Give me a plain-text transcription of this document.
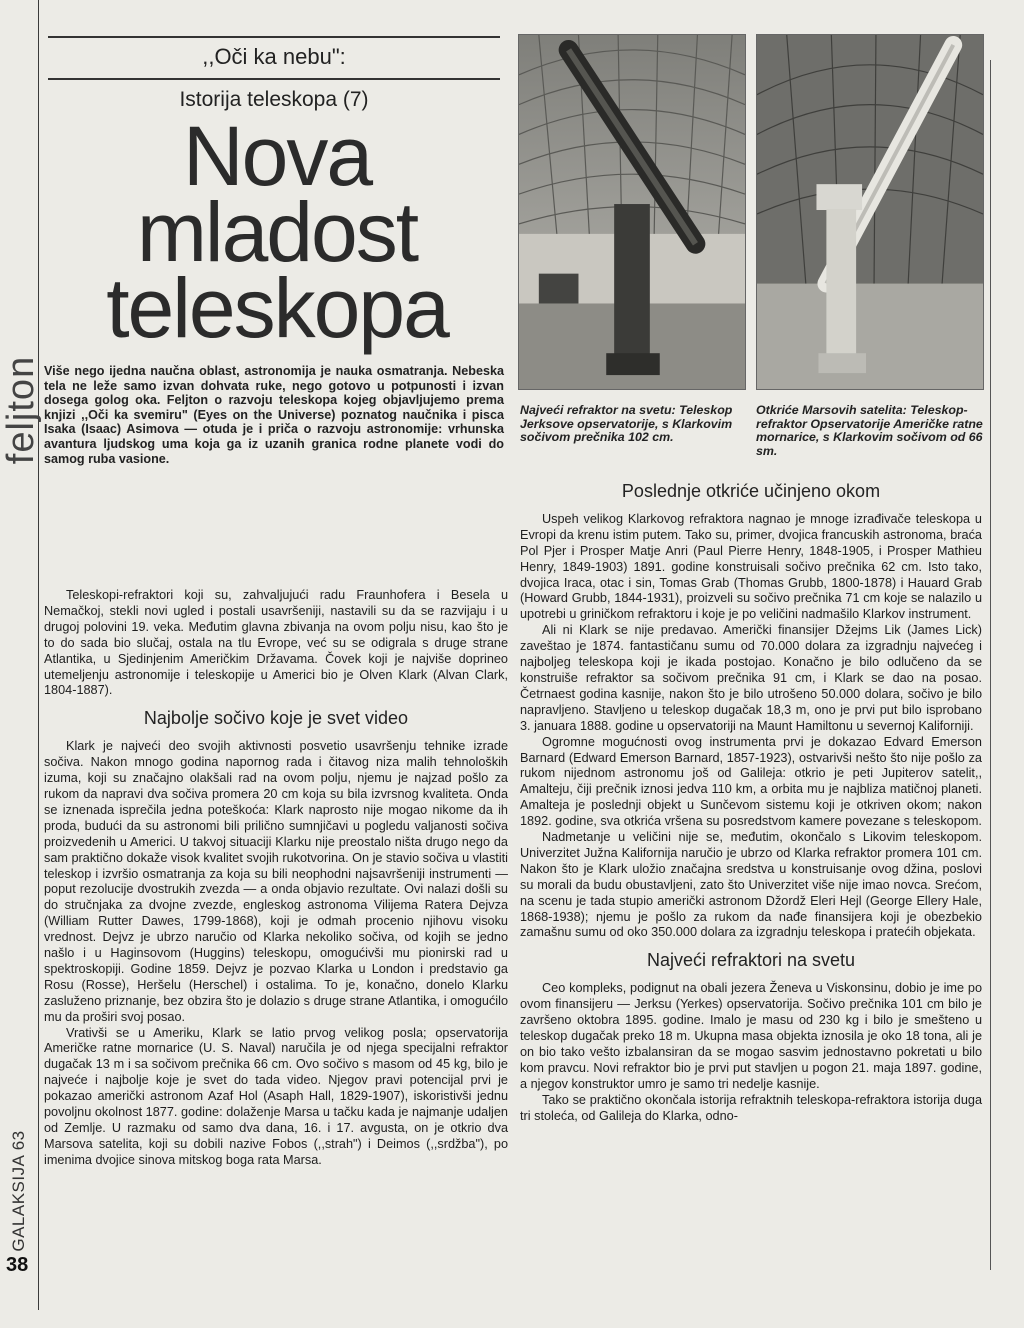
feljton
GALAKSIJA 63
38
,,Oči ka nebu":
Istorija teleskopa (7)
Nova
mladost
teleskopa
Više nego ijedna naučna oblast, astronomija je nauka osmatranja. Nebeska tela ne leže samo izvan dohvata ruke, nego gotovo u potpunosti i izvan dosega golog oka. Feljton o razvoju teleskopa kojeg objavljujemo prema knjizi ,,Oči ka svemiru" (Eyes on the Universe) poznatog naučnika i pisca Isaka (Isaac) Asimova — otuda je i priča o razvoju astronomije: vrhunska avantura ljudskog uma koja ga iz uzanih granica rodne planete vodi do samog ruba vasione.
Najveći refraktor na svetu: Teleskop Jerksove opservatorije, s Klarkovim sočivom prečnika 102 cm.
Otkriće Marsovih satelita: Teleskop-refraktor Opservatorije Američke ratne mornarice, s Klarkovim sočivom od 66 sm.

Teleskopi-refraktori koji su, zahvaljujući radu Fraunhofera i Besela u Nemačkoj, stekli novi ugled i postali usavršeniji, nastavili su da se razvijaju i u drugoj polovini 19. veka. Međutim glavna zbivanja na ovom polju nisu, kao što je to do sada bio slučaj, ostala na tlu Evrope, već su se odigrala s druge strane Atlantika, u Sjedinjenim Američkim Državama. Čovek koji je najviše doprineo utemeljenju astronomije i teleskopije u Americi bio je Olven Klark (Alvan Clark, 1804-1887).

Najbolje sočivo koje je svet video

Klark je najveći deo svojih aktivnosti posvetio usavršenju tehnike izrade sočiva. Nakon mnogo godina napornog rada i čitavog niza malih tehnoloških izuma, koji su značajno olakšali rad na ovom polju, njemu je najzad pošlo za rukom da napravi dva sočiva promera 20 cm koja su bila izvrsnog kvaliteta. Onda se iznenada isprečila jedna poteškoća: Klark naprosto nije mogao nikome da ih proda, budući da su astronomi bili prilično sumnjičavi u pogledu valjanosti sočiva proizvedenih u Americi. U takvoj situaciji Klarku nije preostalo ništa drugo nego da sam praktično dokaže visok kvalitet svojih rukotvorina. On je stavio sočiva u vlastiti teleskop i izvršio osmatranja za koja su bili neophodni najsavršeniji instrumenti — poput rezolucije dvostrukih zvezda — a onda objavio rezultate. Ovi nalazi došli su do stručnjaka za dvojne zvezde, engleskog astronoma Vilijema Ratera Dejvza (William Rutter Dawes, 1799-1868), koji je odmah procenio njihovu visoku vrednost. Dejvz je ubrzo naručio od Klarka nekoliko sočiva, od kojih se jedno našlo i u Haginsovom (Huggins) teleskopu, omogućivši mu pionirski rad u spektroskopiji. Godine 1859. Dejvz je pozvao Klarka u London i predstavio ga Rosu (Rosse), Heršelu (Herschel) i ostalima. To je, konačno, donelo Klarku zasluženo priznanje, bez obzira što je dolazio s druge strane Atlantika, i omogućilo mu da proširi svoj posao.

Vrativši se u Ameriku, Klark se latio prvog velikog posla; opservatorija Američke ratne mornarice (U. S. Naval) naručila je od njega specijalni refraktor dugačak 13 m i sa sočivom prečnika 66 cm. Ovo sočivo s masom od 45 kg, bilo je najveće i najbolje koje je svet do tada video. Njegov pravi potencijal prvi je pokazao američki astronom Azaf Hol (Asaph Hall, 1829-1907), iskoristivši jednu povoljnu okolnost 1877. godine: dolaženje Marsa u tačku kada je najmanje udaljen od Zemlje. U razmaku od samo dva dana, 16. i 17. avgusta, on je otkrio dva Marsova satelita, koji su dobili nazive Fobos (,,strah") i Deimos (,,srdžba"), po imenima dvojice sinova mitskog boga rata Marsa.

Poslednje otkriće učinjeno okom

Uspeh velikog Klarkovog refraktora nagnao je mnoge izrađivače teleskopa u Evropi da krenu istim putem. Tako su, primer, dvojica francuskih astronoma, braća Pol Pjer i Prosper Matje Anri (Paul Pierre Henry, 1848-1905, i Prosper Mathieu Henry, 1849-1903) 1891. godine konstruisali sočivo prečnika 62 cm. Isto tako, dvojica Iraca, otac i sin, Tomas Grab (Thomas Grubb, 1800-1878) i Hauard Grab (Howard Grubb, 1844-1931), proizveli su sočivo prečnika 71 cm koje se nalazilo u upotrebi u griničkom refraktoru i koje je po veličini nadmašilo Klarkov instrument.

Ali ni Klark se nije predavao. Američki finansijer Džejms Lik (James Lick) zaveštao je 1874. fantastičanu sumu od 70.000 dolara za izgradnju najvećeg i najboljeg teleskopa koji je ikada postojao. Konačno je bilo odlučeno da se konstruiše refraktor sa sočivom prečnika 91 cm, i Klark se dao na posao. Četrnaest godina kasnije, nakon što je bilo utrošeno 50.000 dolara, sočivo je bilo napravljeno. Stavljeno u teleskop dugačak 18,3 m, ono je prvi put bilo isprobano 3. januara 1888. godine u opservatoriji na Maunt Hamiltonu u severnoj Kaliforniji.

Ogromne mogućnosti ovog instrumenta prvi je dokazao Edvard Emerson Barnard (Edward Emerson Barnard, 1857-1923), ostvarivši nešto što nije pošlo za rukom nijednom astronomu još od Galileja: otkrio je peti Jupiterov satelit,, Amalteju, čiji prečnik iznosi jedva 110 km, a orbita mu je najbliza matičnoj planeti. Amalteja je poslednji objekt u Sunčevom sistemu koji je otkriven okom; nakon 1892. godine, sva otkrića vršena su posredstvom kamere povezane s teleskopom.

Nadmetanje u veličini nije se, međutim, okončalo s Likovim teleskopom. Univerzitet Južna Kalifornija naručio je ubrzo od Klarka refraktor promera 101 cm. Nakon što je Klark uložio značajna sredstva u konstruisanje ovog džina, poslovi su morali da budu obustavljeni, zato što Univerzitet više nije imao novca. Srećom, na scenu je tada stupio američki astronom Džordž Eleri Hejl (George Ellery Hale, 1868-1938); njemu je pošlo za rukom da nađe finansijera koji je obezbekio zamašnu sumu od oko 350.000 dolara za izgradnju teleskopa i pratećih objekata.

Najveći refraktori na svetu

Ceo kompleks, podignut na obali jezera Ženeva u Viskonsinu, dobio je ime po ovom finansijeru — Jerksu (Yerkes) opservatorija. Sočivo prečnika 101 cm bilo je završeno oktobra 1895. godine. Imalo je masu od 230 kg i bilo je smešteno u teleskop dugačak preko 18 m. Ukupna masa objekta iznosila je oko 18 tona, ali je on bio tako vešto izbalansiran da se mogao sasvim jednostavno pokretati u bilo kom pravcu. Novi refraktor bio je prvi put stavljen u pogon 21. maja 1897. godine, a njegov konstruktor umro je samo tri nedelje kasnije.

Tako se praktično okončala istorija refraktnih teleskopa-refraktora istorija duga tri stoleća, od Galileja do Klarka, odno-
